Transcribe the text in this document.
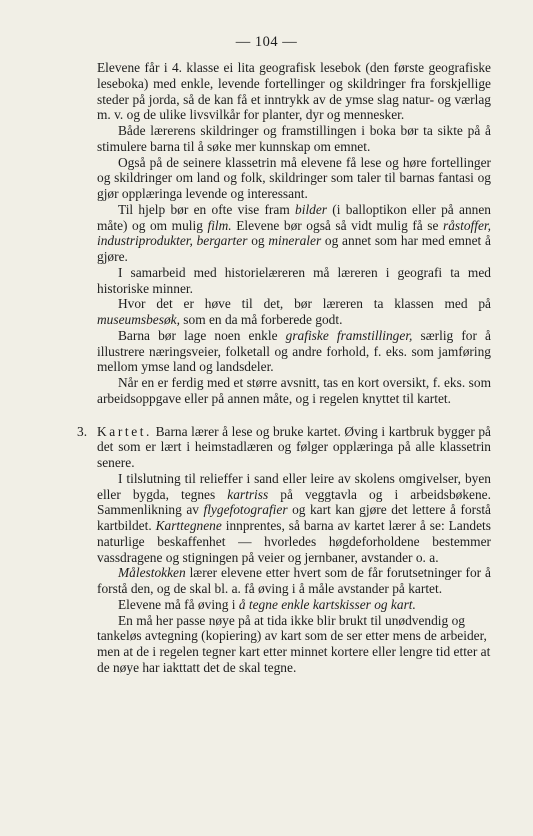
— 104 —

Elevene får i 4. klasse ei lita geografisk lesebok (den første geografiske leseboka) med enkle, levende fortellinger og skildringer fra forskjellige steder på jorda, så de kan få et inntrykk av de ymse slag natur- og værlag m. v. og de ulike livsvilkår for planter, dyr og mennesker.

Både lærerens skildringer og framstillingen i boka bør ta sikte på å stimulere barna til å søke mer kunnskap om emnet.

Også på de seinere klassetrin må elevene få lese og høre fortellinger og skildringer om land og folk, skildringer som taler til barnas fantasi og gjør opplæringa levende og interessant.

Til hjelp bør en ofte vise fram bilder (i balloptikon eller på annen måte) og om mulig film. Elevene bør også så vidt mulig få se råstoffer, industriprodukter, bergarter og mineraler og annet som har med emnet å gjøre.

I samarbeid med historielæreren må læreren i geografi ta med historiske minner.

Hvor det er høve til det, bør læreren ta klassen med på museumsbesøk, som en da må forberede godt.

Barna bør lage noen enkle grafiske framstillinger, særlig for å illustrere næringsveier, folketall og andre forhold, f. eks. som jamføring mellom ymse land og landsdeler.

Når en er ferdig med et større avsnitt, tas en kort oversikt, f. eks. som arbeidsoppgave eller på annen måte, og i regelen knyttet til kartet.

3. Kartet. Barna lærer å lese og bruke kartet. Øving i kartbruk bygger på det som er lært i heimstadlæren og følger opplæringa på alle klassetrin senere.

I tilslutning til relieffer i sand eller leire av skolens omgivelser, byen eller bygda, tegnes kartriss på veggtavla og i arbeidsbøkene. Sammenlikning av flygefotografier og kart kan gjøre det lettere å forstå kartbildet. Karttegnene innprentes, så barna av kartet lærer å se: Landets naturlige beskaffenhet — hvorledes høgdeforholdene bestemmer vassdragene og stigningen på veier og jernbaner, avstander o. a.

Målestokken lærer elevene etter hvert som de får forutsetninger for å forstå den, og de skal bl. a. få øving i å måle avstander på kartet.

Elevene må få øving i å tegne enkle kartskisser og kart.

En må her passe nøye på at tida ikke blir brukt til unødvendig og tankeløs avtegning (kopiering) av kart som de ser etter mens de arbeider, men at de i regelen tegner kart etter minnet kortere eller lengre tid etter at de nøye har iakttatt det de skal tegne.
